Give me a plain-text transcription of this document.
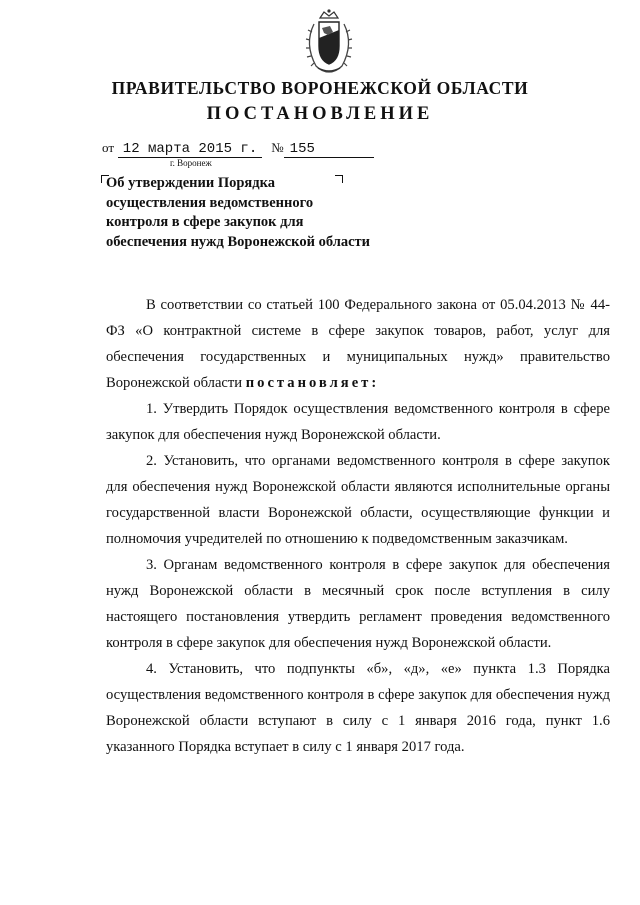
ПРАВИТЕЛЬСТВО ВОРОНЕЖСКОЙ ОБЛАСТИ
ПОСТАНОВЛЕНИЕ
от 12 марта 2015 г. № 155
г. Воронеж
Об утверждении Порядка
осуществления ведомственного
контроля в сфере закупок для
обеспечения нужд Воронежской области

В соответствии со статьей 100 Федерального закона от 05.04.2013 № 44-ФЗ «О контрактной системе в сфере закупок товаров, работ, услуг для обеспечения государственных и муниципальных нужд» правительство Воронежской области постановляет:

1. Утвердить Порядок осуществления ведомственного контроля в сфере закупок для обеспечения нужд Воронежской области.

2. Установить, что органами ведомственного контроля в сфере закупок для обеспечения нужд Воронежской области являются исполнительные органы государственной власти Воронежской области, осуществляющие функции и полномочия учредителей по отношению к подведомственным заказчикам.

3. Органам ведомственного контроля в сфере закупок для обеспечения нужд Воронежской области в месячный срок после вступления в силу настоящего постановления утвердить регламент проведения ведомственного контроля в сфере закупок для обеспечения нужд Воронежской области.

4. Установить, что подпункты «б», «д», «е» пункта 1.3 Порядка осуществления ведомственного контроля в сфере закупок для обеспечения нужд Воронежской области вступают в силу с 1 января 2016 года, пункт 1.6 указанного Порядка вступает в силу с 1 января 2017 года.
